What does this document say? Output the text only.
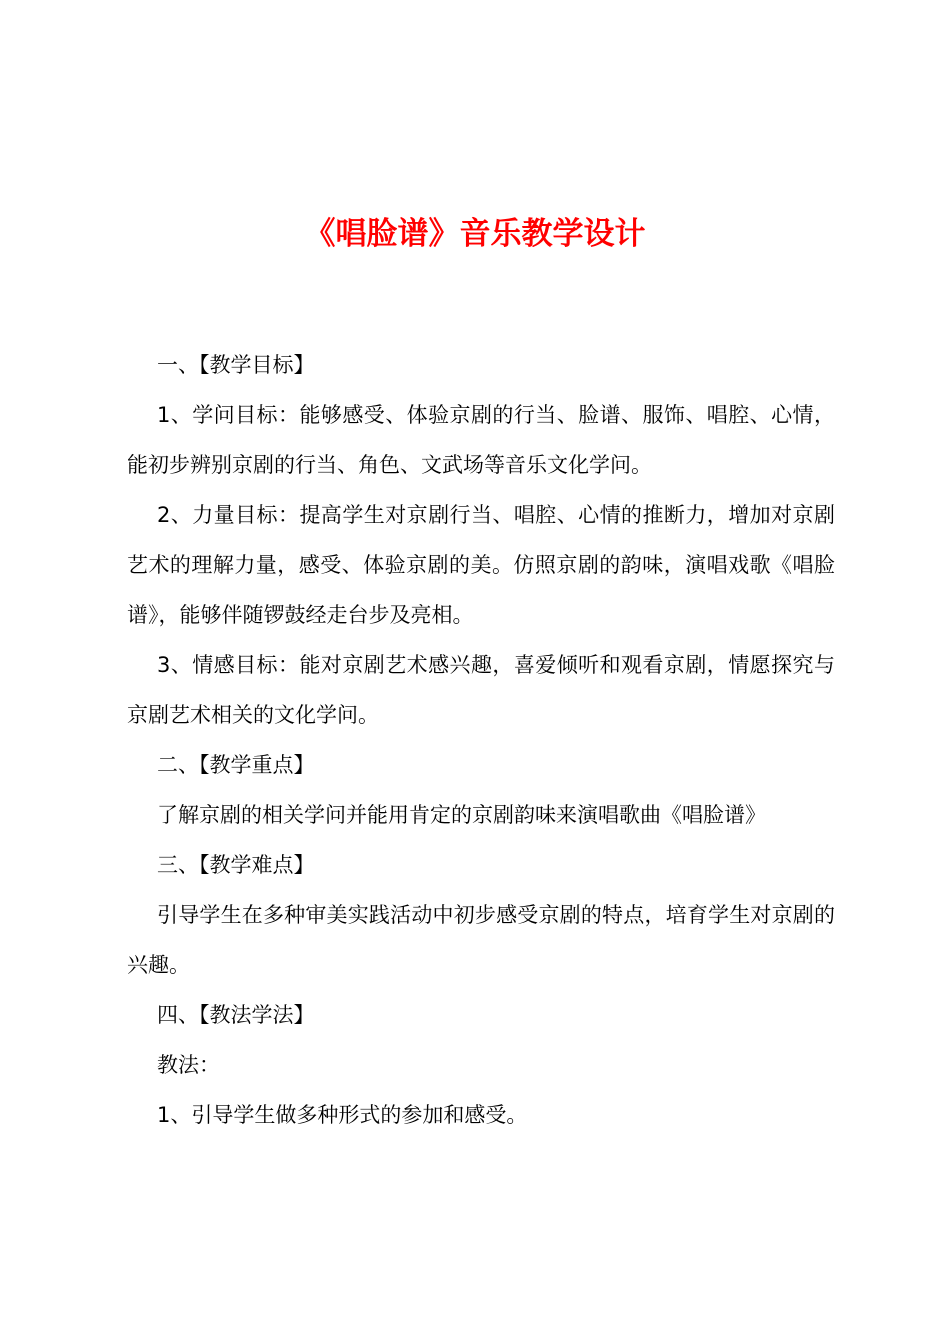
《唱脸谱》音乐教学设计

一、【教学目标】

1、学问目标：能够感受、体验京剧的行当、脸谱、服饰、唱腔、心情，能初步辨别京剧的行当、角色、文武场等音乐文化学问。

2、力量目标：提高学生对京剧行当、唱腔、心情的推断力，增加对京剧艺术的理解力量，感受、体验京剧的美。仿照京剧的韵味，演唱戏歌《唱脸谱》，能够伴随锣鼓经走台步及亮相。

3、情感目标：能对京剧艺术感兴趣，喜爱倾听和观看京剧，情愿探究与京剧艺术相关的文化学问。

二、【教学重点】

了解京剧的相关学问并能用肯定的京剧韵味来演唱歌曲《唱脸谱》

三、【教学难点】

引导学生在多种审美实践活动中初步感受京剧的特点，培育学生对京剧的兴趣。

四、【教法学法】

教法：

1、引导学生做多种形式的参加和感受。
